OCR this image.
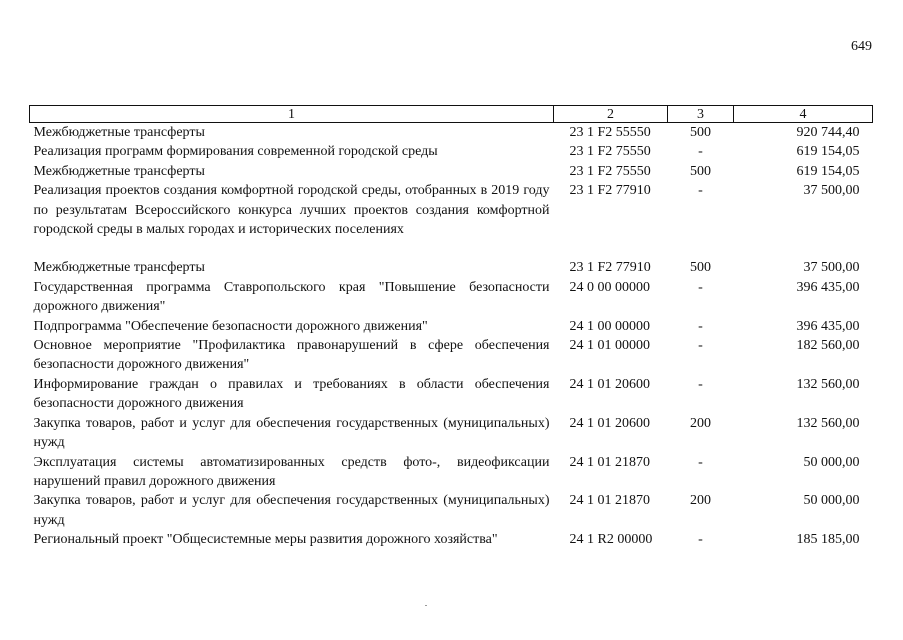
649
1	2	3	4
Межбюджетные трансферты	23 1 F2 55550	500	920 744,40
Реализация программ формирования современной городской среды	23 1 F2 75550	-	619 154,05
Межбюджетные трансферты	23 1 F2 75550	500	619 154,05
Реализация проектов создания комфортной городской среды, отобранных в 2019 году по результатам Всероссийского конкурса лучших проектов создания комфортной городской среды в малых городах и исторических поселениях	23 1 F2 77910	-	37 500,00

Межбюджетные трансферты	23 1 F2 77910	500	37 500,00
Государственная программа Ставропольского края "Повышение безопасности дорожного движения"	24 0 00 00000	-	396 435,00
Подпрограмма "Обеспечение безопасности дорожного движения"	24 1 00 00000	-	396 435,00
Основное мероприятие "Профилактика правонарушений в сфере обеспечения безопасности дорожного движения"	24 1 01 00000	-	182 560,00
Информирование граждан о правилах и требованиях в области обеспечения безопасности дорожного движения	24 1 01 20600	-	132 560,00
Закупка товаров, работ и услуг для обеспечения государственных (муниципальных) нужд	24 1 01 20600	200	132 560,00
Эксплуатация системы автоматизированных средств фото-, видеофиксации нарушений правил дорожного движения	24 1 01 21870	-	50 000,00
Закупка товаров, работ и услуг для обеспечения государственных (муниципальных) нужд	24 1 01 21870	200	50 000,00
Региональный проект "Общесистемные меры развития дорожного хозяйства"	24 1 R2 00000	-	185 185,00
